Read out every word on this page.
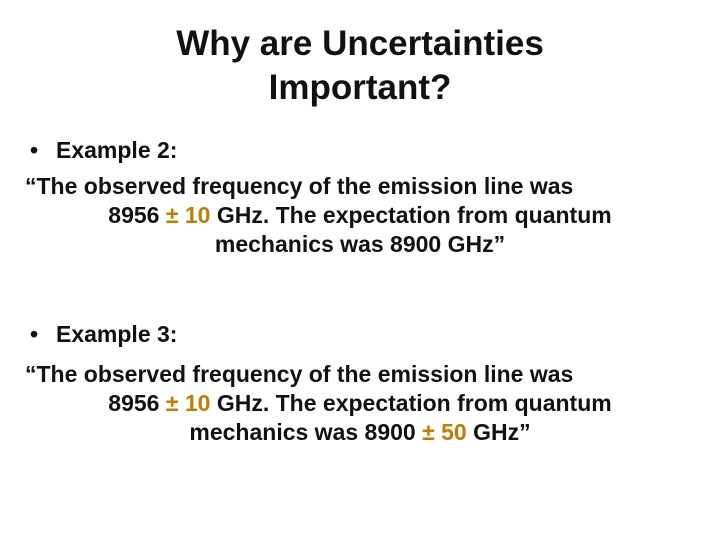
Why are Uncertainties
Important?
• Example 2:
“The observed frequency of the emission line was
8956 ± 10 GHz. The expectation from quantum
mechanics was 8900 GHz”
• Example 3:
“The observed frequency of the emission line was
8956 ± 10 GHz. The expectation from quantum
mechanics was 8900 ± 50 GHz”
